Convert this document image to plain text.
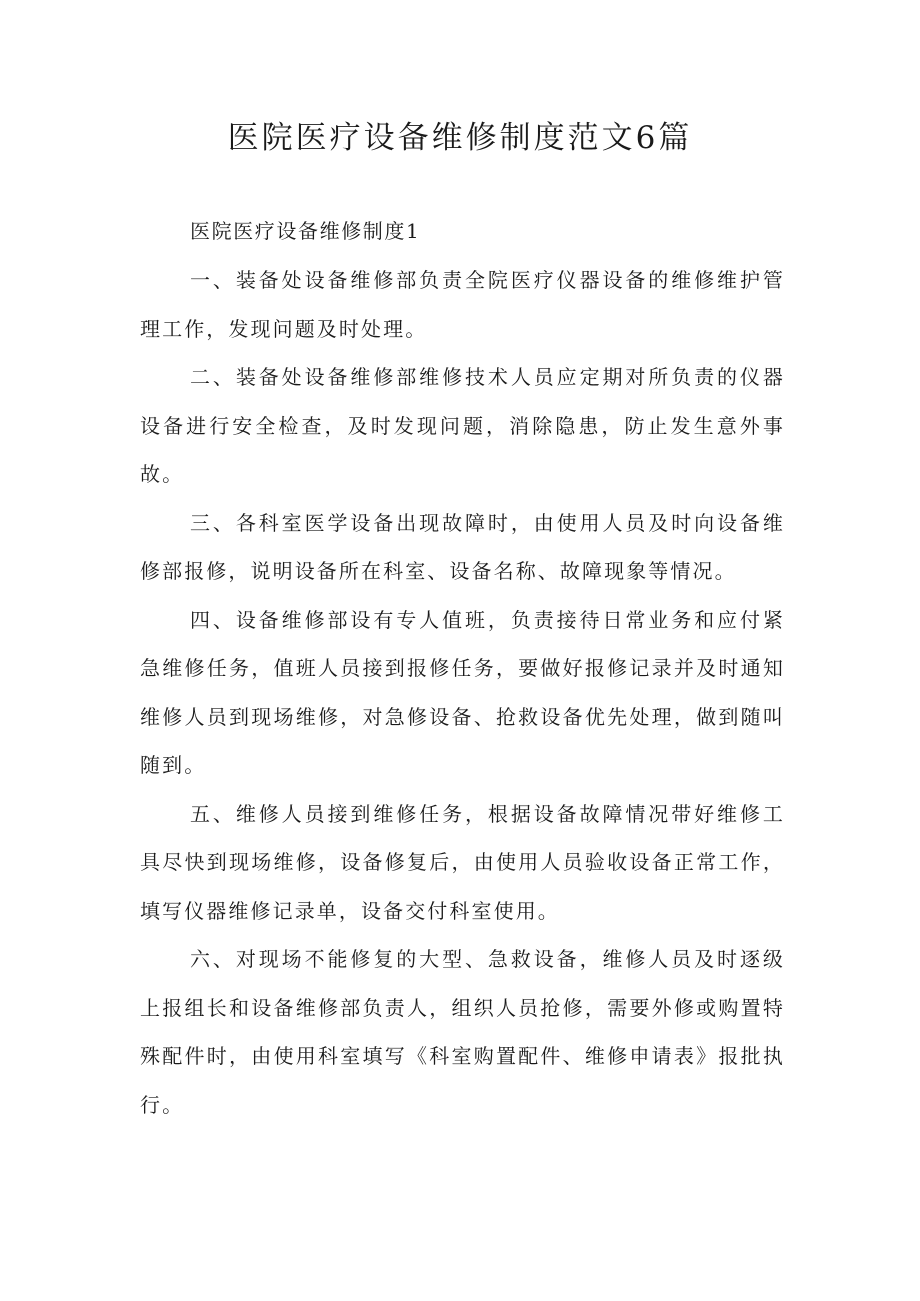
医院医疗设备维修制度范文6篇

医院医疗设备维修制度1

一、装备处设备维修部负责全院医疗仪器设备的维修维护管理工作，发现问题及时处理。

二、装备处设备维修部维修技术人员应定期对所负责的仪器设备进行安全检查，及时发现问题，消除隐患，防止发生意外事故。

三、各科室医学设备出现故障时，由使用人员及时向设备维修部报修，说明设备所在科室、设备名称、故障现象等情况。

四、设备维修部设有专人值班，负责接待日常业务和应付紧急维修任务，值班人员接到报修任务，要做好报修记录并及时通知维修人员到现场维修，对急修设备、抢救设备优先处理，做到随叫随到。

五、维修人员接到维修任务，根据设备故障情况带好维修工具尽快到现场维修，设备修复后，由使用人员验收设备正常工作，填写仪器维修记录单，设备交付科室使用。

六、对现场不能修复的大型、急救设备，维修人员及时逐级上报组长和设备维修部负责人，组织人员抢修，需要外修或购置特殊配件时，由使用科室填写《科室购置配件、维修申请表》报批执行。
